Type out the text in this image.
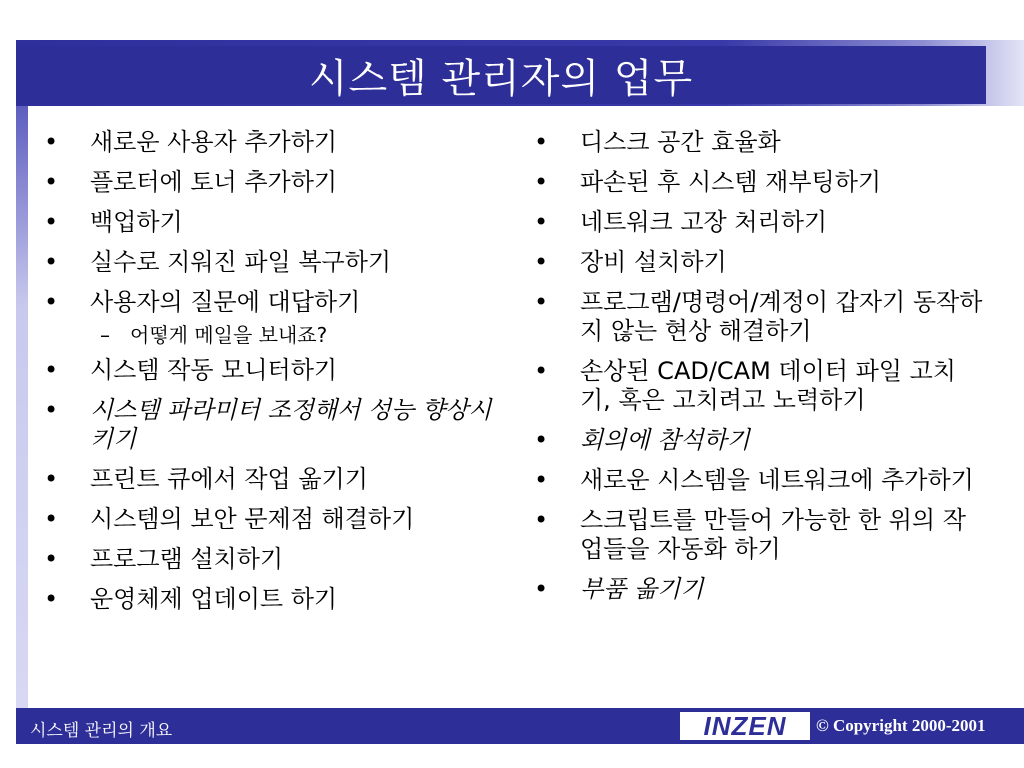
시스템 관리자의 업무
• 새로운 사용자 추가하기
• 플로터에 토너 추가하기
• 백업하기
• 실수로 지워진 파일 복구하기
• 사용자의 질문에 대답하기
– 어떻게 메일을 보내죠?
• 시스템 작동 모니터하기
• 시스템 파라미터 조정해서 성능 향상시키기
• 프린트 큐에서 작업 옮기기
• 시스템의 보안 문제점 해결하기
• 프로그램 설치하기
• 운영체제 업데이트 하기
• 디스크 공간 효율화
• 파손된 후 시스템 재부팅하기
• 네트워크 고장 처리하기
• 장비 설치하기
• 프로그램/명령어/계정이 갑자기 동작하지 않는 현상 해결하기
• 손상된 CAD/CAM 데이터 파일 고치기, 혹은 고치려고 노력하기
• 회의에 참석하기
• 새로운 시스템을 네트워크에 추가하기
• 스크립트를 만들어 가능한 한 위의 작업들을 자동화 하기
• 부품 옮기기
시스템 관리의 개요	INZEN © Copyright 2000-2001
